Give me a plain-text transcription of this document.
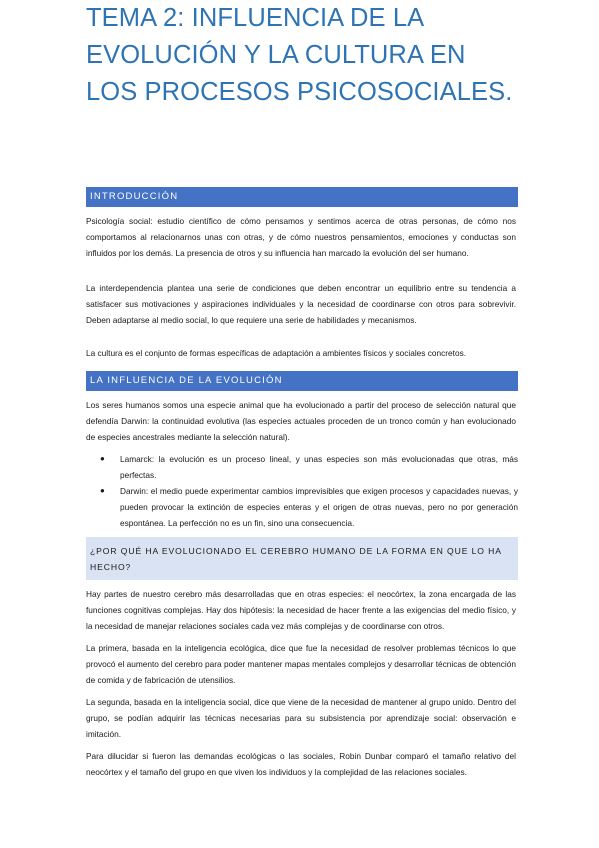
TEMA 2: INFLUENCIA DE LA EVOLUCIÓN Y LA CULTURA EN LOS PROCESOS PSICOSOCIALES.
INTRODUCCIÓN

Psicología social: estudio científico de cómo pensamos y sentimos acerca de otras personas, de cómo nos comportamos al relacionarnos unas con otras, y de cómo nuestros pensamientos, emociones y conductas son influidos por los demás. La presencia de otros y su influencia han marcado la evolución del ser humano.

La interdependencia plantea una serie de condiciones que deben encontrar un equilibrio entre su tendencia a satisfacer sus motivaciones y aspiraciones individuales y la necesidad de coordinarse con otros para sobrevivir. Deben adaptarse al medio social, lo que requiere una serie de habilidades y mecanismos.

La cultura es el conjunto de formas específicas de adaptación a ambientes físicos y sociales concretos.

LA INFLUENCIA DE LA EVOLUCIÓN

Los seres humanos somos una especie animal que ha evolucionado a partir del proceso de selección natural que defendía Darwin: la continuidad evolutiva (las especies actuales proceden de un tronco común y han evolucionado de especies ancestrales mediante la selección natural).

● Lamarck: la evolución es un proceso lineal, y unas especies son más evolucionadas que otras, más perfectas.
● Darwin: el medio puede experimentar cambios imprevisibles que exigen procesos y capacidades nuevas, y pueden provocar la extinción de especies enteras y el origen de otras nuevas, pero no por generación espontánea. La perfección no es un fin, sino una consecuencia.
¿POR QUÉ HA EVOLUCIONADO EL CEREBRO HUMANO DE LA FORMA EN QUE LO HA HECHO?

Hay partes de nuestro cerebro más desarrolladas que en otras especies: el neocórtex, la zona encargada de las funciones cognitivas complejas. Hay dos hipótesis: la necesidad de hacer frente a las exigencias del medio físico, y la necesidad de manejar relaciones sociales cada vez más complejas y de coordinarse con otros.

La primera, basada en la inteligencia ecológica, dice que fue la necesidad de resolver problemas técnicos lo que provocó el aumento del cerebro para poder mantener mapas mentales complejos y desarrollar técnicas de obtención de comida y de fabricación de utensilios.

La segunda, basada en la inteligencia social, dice que viene de la necesidad de mantener al grupo unido. Dentro del grupo, se podían adquirir las técnicas necesarias para su subsistencia por aprendizaje social: observación e imitación.

Para dilucidar si fueron las demandas ecológicas o las sociales, Robin Dunbar comparó el tamaño relativo del neocórtex y el tamaño del grupo en que viven los individuos y la complejidad de las relaciones sociales.
